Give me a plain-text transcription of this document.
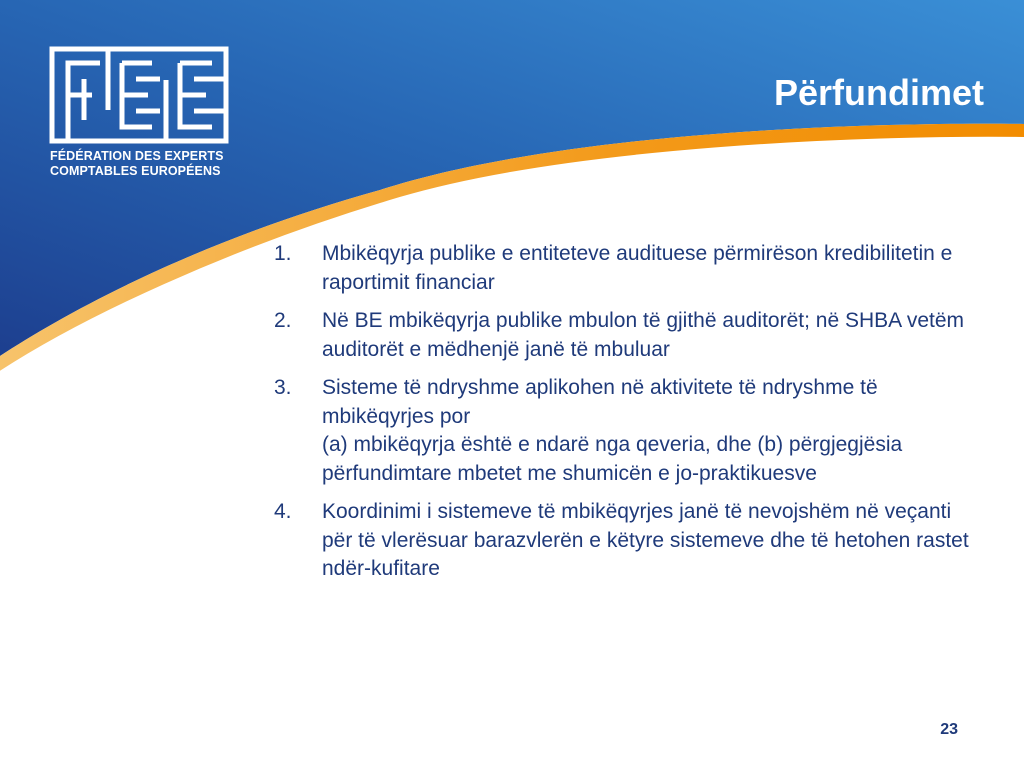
FÉDÉRATION DES EXPERTS
COMPTABLES EUROPÉENS
Përfundimet
1.	Mbikëqyrja publike e entiteteve audituese përmirëson kredibilitetin e raportimit financiar
2.	Në BE mbikëqyrja publike mbulon të gjithë auditorët; në SHBA vetëm auditorët e mëdhenjë janë të mbuluar
3.	Sisteme të ndryshme aplikohen në aktivitete të ndryshme të mbikëqyrjes por
(a) mbikëqyrja është e ndarë nga qeveria, dhe (b) përgjegjësia përfundimtare mbetet me shumicën e jo-praktikuesve
4.	Koordinimi i sistemeve të mbikëqyrjes janë të nevojshëm në veçanti për të vlerësuar barazvlerën e këtyre sistemeve dhe të hetohen rastet ndër-kufitare
23
